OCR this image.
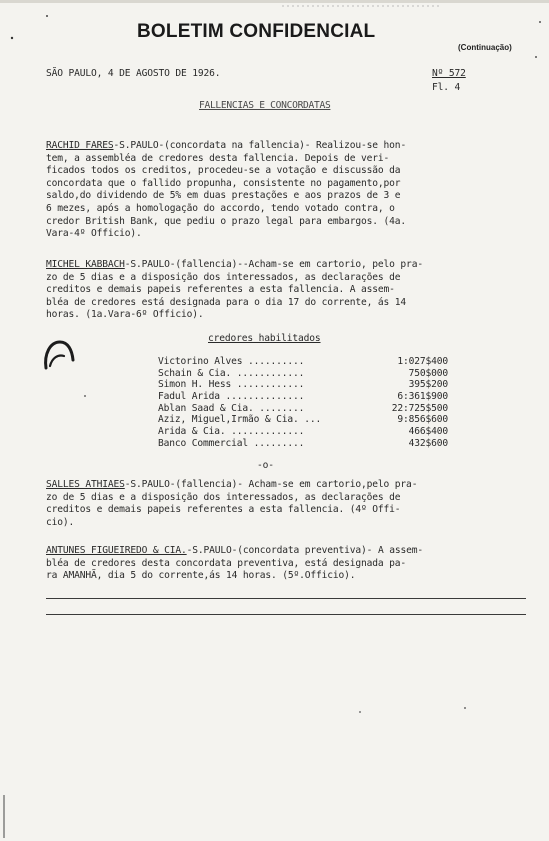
BOLETIM CONFIDENCIAL
(Continuação)
SÃO PAULO, 4 DE AGOSTO DE 1926.	Nº 572
Fl. 4
FALLENCIAS E CONCORDATAS

RACHID FARES-S.PAULO-(concordata na fallencia)- Realizou-se hon-

tem, a assembléa de credores desta fallencia. Depois de veri-

ficados todos os creditos, procedeu-se a votação e discussão da

concordata que o fallido propunha, consistente no pagamento,por

saldo,do dividendo de 5% em duas prestações e aos prazos de 3 e

6 mezes, após a homologação do accordo, tendo votado contra, o

credor British Bank, que pediu o prazo legal para embargos. (4a.

Vara-4º Officio).

MICHEL KABBACH-S.PAULO-(fallencia)--Acham-se em cartorio, pelo pra-

zo de 5 dias e a disposição dos interessados, as declarações de

creditos e demais papeis referentes a esta fallencia. A assem-

bléa de credores está designada para o dia 17 do corrente, ás 14

horas. (1a.Vara-6º Officio).

credores habilitados
Victorino Alves ..........	1:027$400
Schain & Cia. ............	750$000
Simon H. Hess ............	395$200
Fadul Arida ..............	6:361$900
Ablan Saad & Cia. ........	22:725$500
Aziz, Miguel,Irmão & Cia. ...	9:856$600
Arida & Cia. .............	466$400
Banco Commercial .........	432$600
-o-

SALLES ATHIAES-S.PAULO-(fallencia)- Acham-se em cartorio,pelo pra-

zo de 5 dias e a disposição dos interessados, as declarações de

creditos e demais papeis referentes a esta fallencia. (4º Offi-

cio).

ANTUNES FIGUEIREDO & CIA.-S.PAULO-(concordata preventiva)- A assem-

bléa de credores desta concordata preventiva, está designada pa-

ra AMANHÃ, dia 5 do corrente,ás 14 horas. (5º.Officio).
